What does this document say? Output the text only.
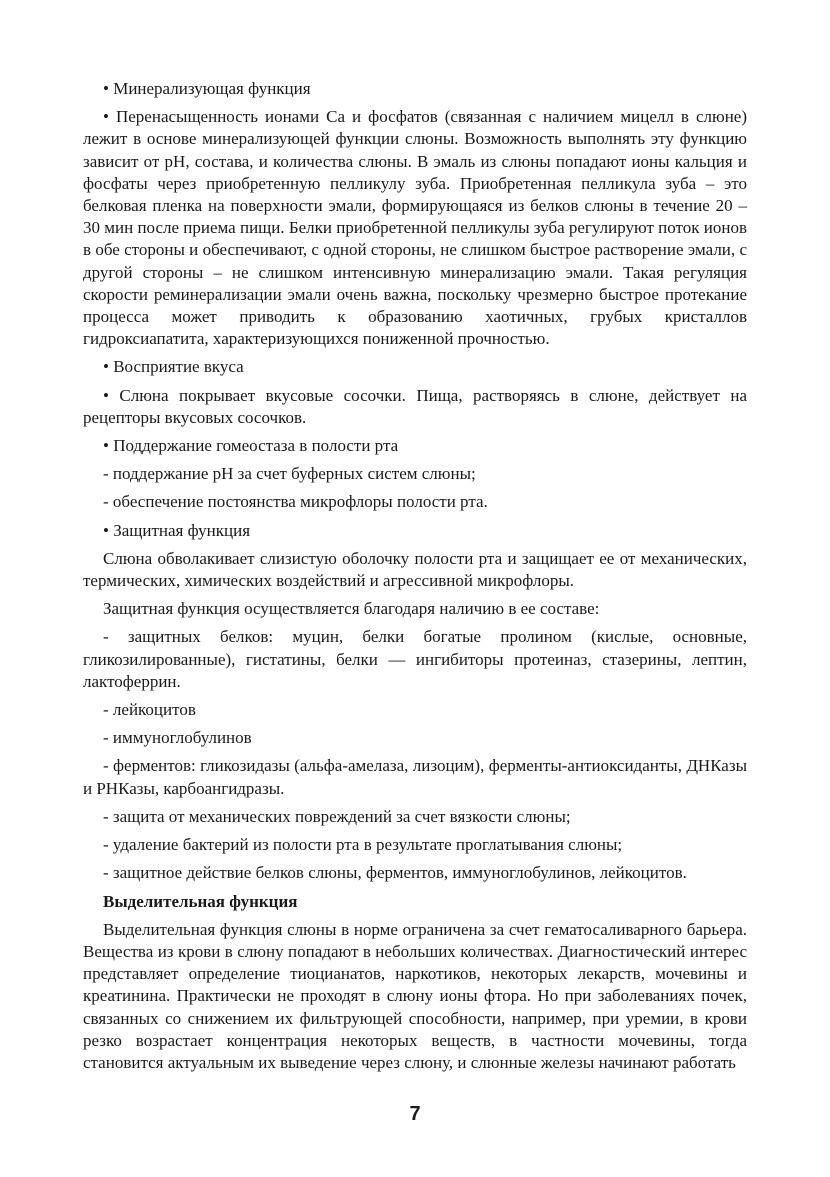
• Минерализующая функция

• Перенасыщенность ионами Ca и фосфатов (связанная с наличием мицелл в слюне) лежит в основе минерализующей функции слюны. Возможность выполнять эту функцию зависит от pH, состава, и количества слюны. В эмаль из слюны попадают ионы кальция и фосфаты через приобретенную пелликулу зуба. Приобретенная пелликула зуба – это белковая пленка на поверхности эмали, формирующаяся из белков слюны в течение 20 – 30 мин после приема пищи. Белки приобретенной пелликулы зуба регулируют поток ионов в обе стороны и обеспечивают, с одной стороны, не слишком быстрое растворение эмали, с другой стороны – не слишком интенсивную минерализацию эмали. Такая регуляция скорости реминерализации эмали очень важна, поскольку чрезмерно быстрое протекание процесса может приводить к образованию хаотичных, грубых кристаллов гидроксиапатита, характеризующихся пониженной прочностью.

• Восприятие вкуса

• Слюна покрывает вкусовые сосочки. Пища, растворяясь в слюне, действует на рецепторы вкусовых сосочков.

• Поддержание гомеостаза в полости рта

- поддержание рН за счет буферных систем слюны;

- обеспечение постоянства микрофлоры полости рта.

• Защитная функция

Слюна обволакивает слизистую оболочку полости рта и защищает ее от механических, термических, химических воздействий и агрессивной микрофлоры.

Защитная функция осуществляется благодаря наличию в ее составе:

- защитных белков: муцин, белки богатые пролином (кислые, основные, гликозилированные), гистатины, белки — ингибиторы протеиназ, стазерины, лептин, лактоферрин.

- лейкоцитов

- иммуноглобулинов

- ферментов: гликозидазы (альфа-амелаза, лизоцим), ферменты-антиоксиданты, ДНКазы и РНКазы, карбоангидразы.

- защита от механических повреждений за счет вязкости слюны;

- удаление бактерий из полости рта в результате проглатывания слюны;

- защитное действие белков слюны, ферментов, иммуноглобулинов, лейкоцитов.

Выделительная функция

Выделительная функция слюны в норме ограничена за счет гематосаливарного барьера. Вещества из крови в слюну попадают в небольших количествах. Диагностический интерес представляет определение тиоцианатов, наркотиков, некоторых лекарств, мочевины и креатинина. Практически не проходят в слюну ионы фтора. Но при заболеваниях почек, связанных со снижением их фильтрующей способности, например, при уремии, в крови резко возрастает концентрация некоторых веществ, в частности мочевины, тогда становится актуальным их выведение через слюну, и слюнные железы начинают работать

7
